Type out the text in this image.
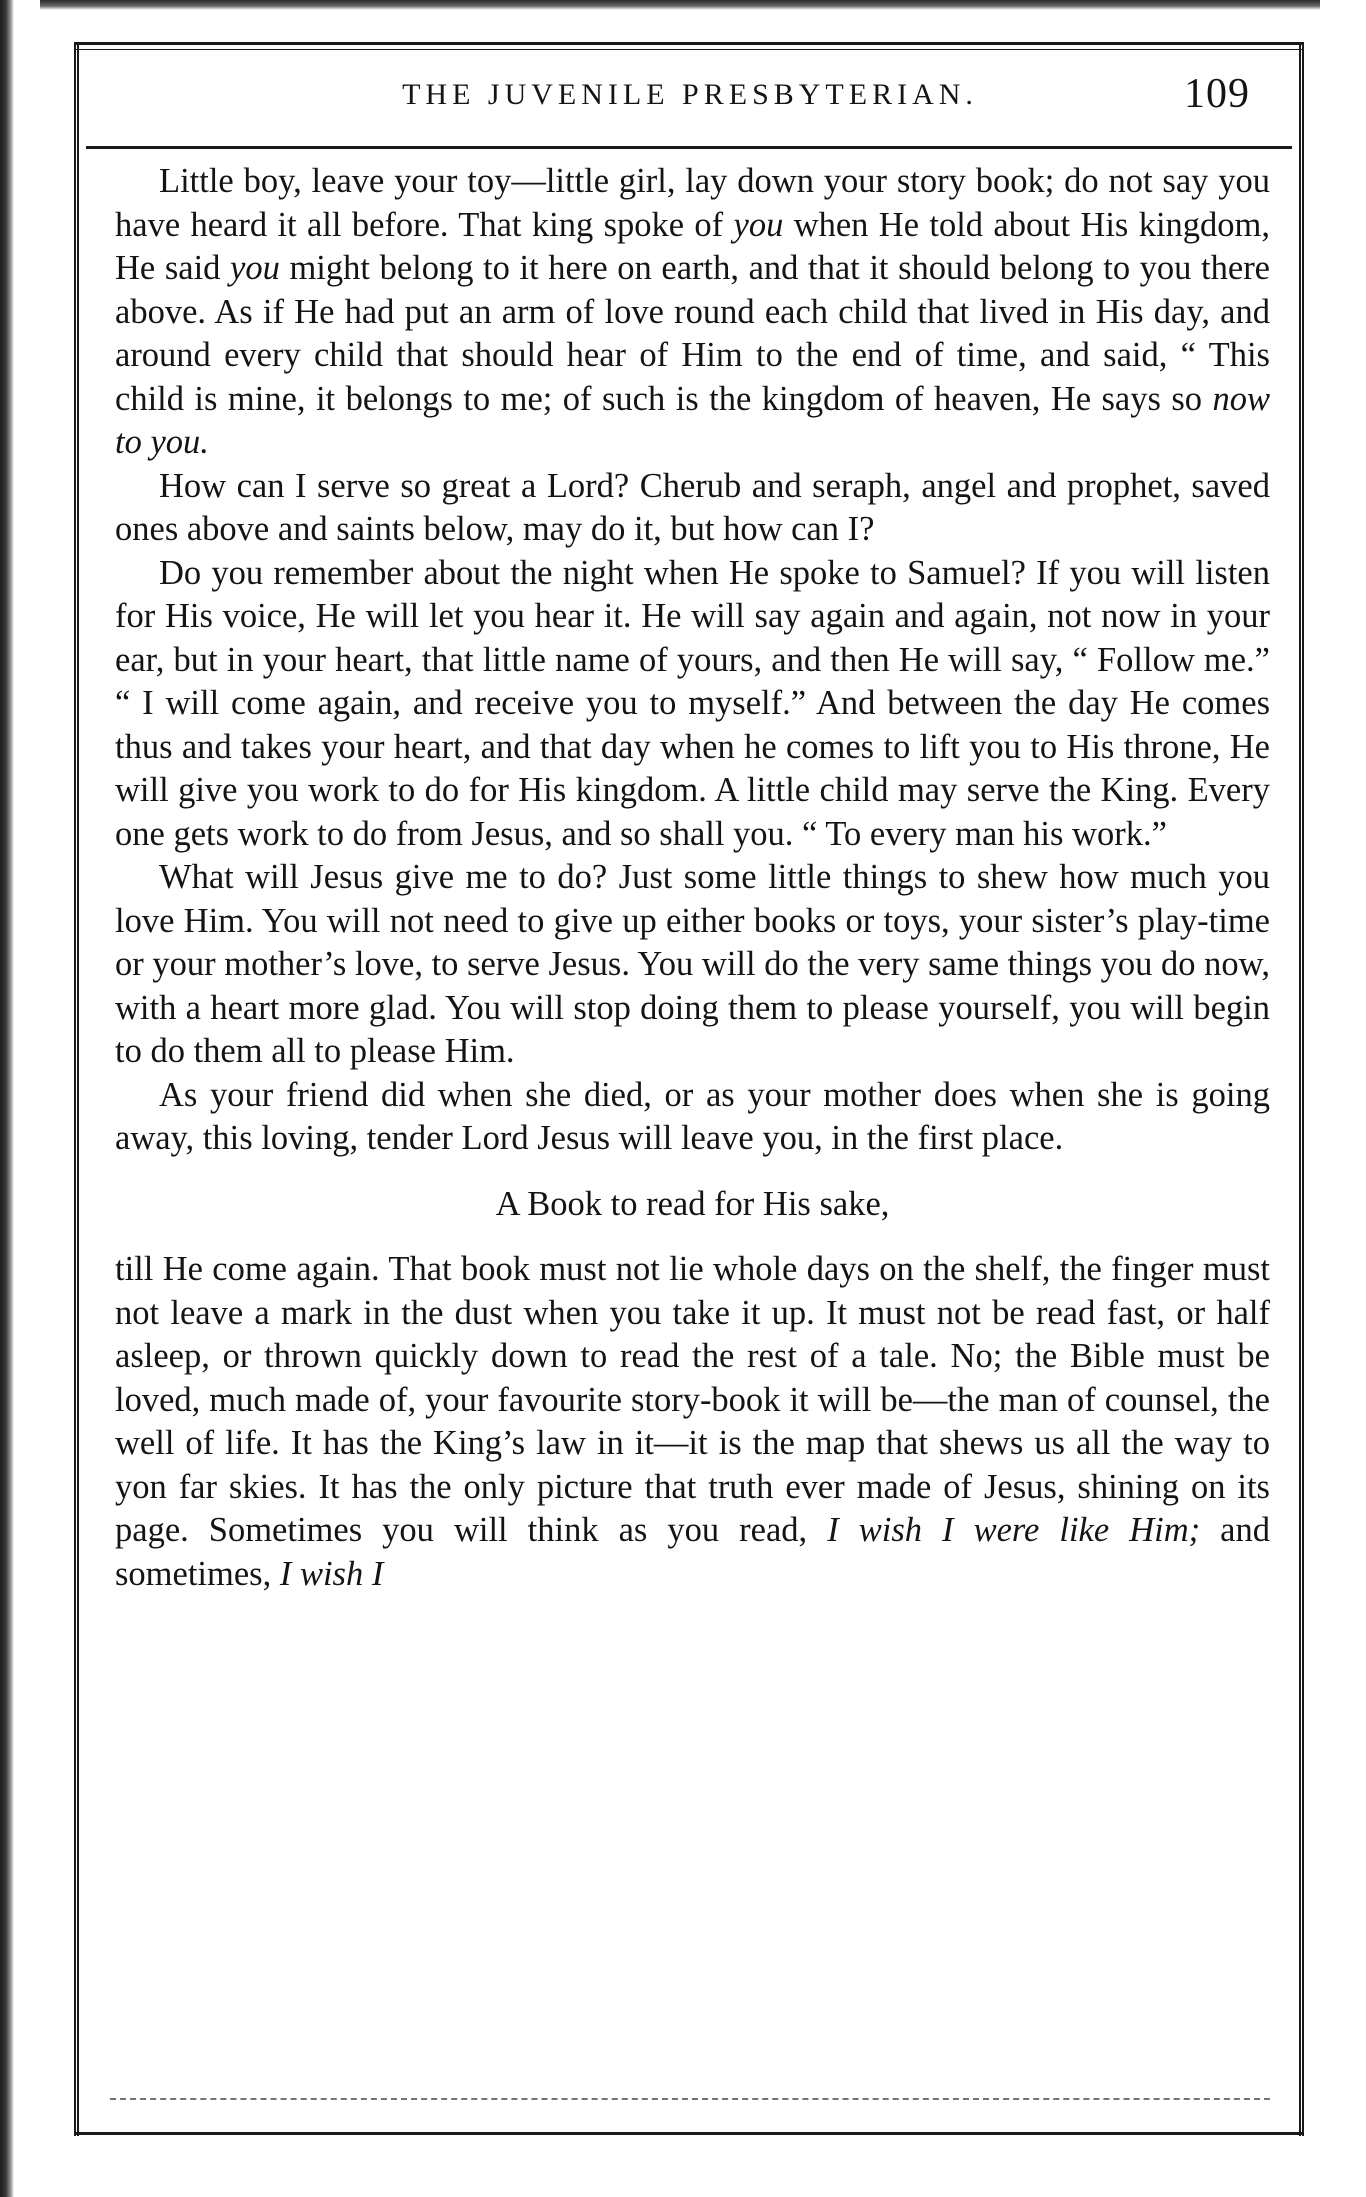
THE JUVENILE PRESBYTERIAN.	109

Little boy, leave your toy—little girl, lay down your story book; do not say you have heard it all before. That king spoke of you when He told about His kingdom, He said you might belong to it here on earth, and that it should belong to you there above. As if He had put an arm of love round each child that lived in His day, and around every child that should hear of Him to the end of time, and said, “ This child is mine, it belongs to me; of such is the kingdom of heaven, He says so now to you.

How can I serve so great a Lord? Cherub and seraph, angel and prophet, saved ones above and saints below, may do it, but how can I?

Do you remember about the night when He spoke to Samuel? If you will listen for His voice, He will let you hear it. He will say again and again, not now in your ear, but in your heart, that little name of yours, and then He will say, “ Follow me.” “ I will come again, and receive you to myself.” And between the day He comes thus and takes your heart, and that day when he comes to lift you to His throne, He will give you work to do for His kingdom. A little child may serve the King. Every one gets work to do from Jesus, and so shall you. “ To every man his work.”

What will Jesus give me to do? Just some little things to shew how much you love Him. You will not need to give up either books or toys, your sister’s play-time or your mother’s love, to serve Jesus. You will do the very same things you do now, with a heart more glad. You will stop doing them to please yourself, you will begin to do them all to please Him.

As your friend did when she died, or as your mother does when she is going away, this loving, tender Lord Jesus will leave you, in the first place.

A Book to read for His sake,

till He come again. That book must not lie whole days on the shelf, the finger must not leave a mark in the dust when you take it up. It must not be read fast, or half asleep, or thrown quickly down to read the rest of a tale. No; the Bible must be loved, much made of, your favourite story-book it will be—the man of counsel, the well of life. It has the King’s law in it—it is the map that shews us all the way to yon far skies. It has the only picture that truth ever made of Jesus, shining on its page. Sometimes you will think as you read, I wish I were like Him; and sometimes, I wish I
